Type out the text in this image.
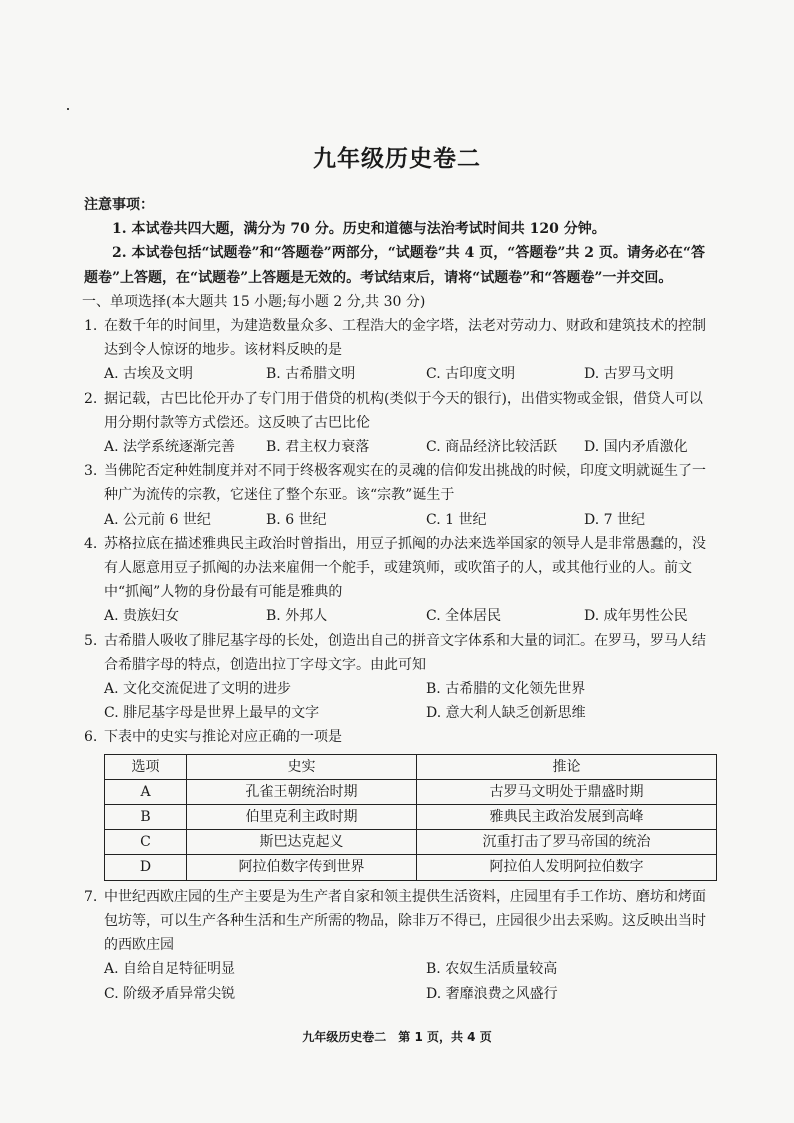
九年级历史卷二
注意事项：
1. 本试卷共四大题，满分为 70 分。历史和道德与法治考试时间共 120 分钟。
2. 本试卷包括“试题卷”和“答题卷”两部分，“试题卷”共 4 页，“答题卷”共 2 页。请务必在“答题卷”上答题，在“试题卷”上答题是无效的。考试结束后，请将“试题卷”和“答题卷”一并交回。
一、单项选择(本大题共 15 小题;每小题 2 分,共 30 分)
1. 在数千年的时间里，为建造数量众多、工程浩大的金字塔，法老对劳动力、财政和建筑技术的控制达到令人惊讶的地步。该材料反映的是
A. 古埃及文明	B. 古希腊文明	C. 古印度文明	D. 古罗马文明
2. 据记载，古巴比伦开办了专门用于借贷的机构(类似于今天的银行)，出借实物或金银，借贷人可以用分期付款等方式偿还。这反映了古巴比伦
A. 法学系统逐渐完善	B. 君主权力衰落	C. 商品经济比较活跃	D. 国内矛盾激化
3. 当佛陀否定种姓制度并对不同于终极客观实在的灵魂的信仰发出挑战的时候，印度文明就诞生了一种广为流传的宗教，它迷住了整个东亚。该“宗教”诞生于
A. 公元前 6 世纪	B. 6 世纪	C. 1 世纪	D. 7 世纪
4. 苏格拉底在描述雅典民主政治时曾指出，用豆子抓阄的办法来选举国家的领导人是非常愚蠢的，没有人愿意用豆子抓阄的办法来雇佣一个舵手，或建筑师，或吹笛子的人，或其他行业的人。前文中“抓阄”人物的身份最有可能是雅典的
A. 贵族妇女	B. 外邦人	C. 全体居民	D. 成年男性公民
5. 古希腊人吸收了腓尼基字母的长处，创造出自己的拼音文字体系和大量的词汇。在罗马，罗马人结合希腊字母的特点，创造出拉丁字母文字。由此可知
A. 文化交流促进了文明的进步	B. 古希腊的文化领先世界
C. 腓尼基字母是世界上最早的文字	D. 意大利人缺乏创新思维
6. 下表中的史实与推论对应正确的一项是
选项	史实	推论
A	孔雀王朝统治时期	古罗马文明处于鼎盛时期
B	伯里克利主政时期	雅典民主政治发展到高峰
C	斯巴达克起义	沉重打击了罗马帝国的统治
D	阿拉伯数字传到世界	阿拉伯人发明阿拉伯数字
7. 中世纪西欧庄园的生产主要是为生产者自家和领主提供生活资料，庄园里有手工作坊、磨坊和烤面包坊等，可以生产各种生活和生产所需的物品，除非万不得已，庄园很少出去采购。这反映出当时的西欧庄园
A. 自给自足特征明显	B. 农奴生活质量较高
C. 阶级矛盾异常尖锐	D. 奢靡浪费之风盛行
九年级历史卷二　第 1 页，共 4 页
